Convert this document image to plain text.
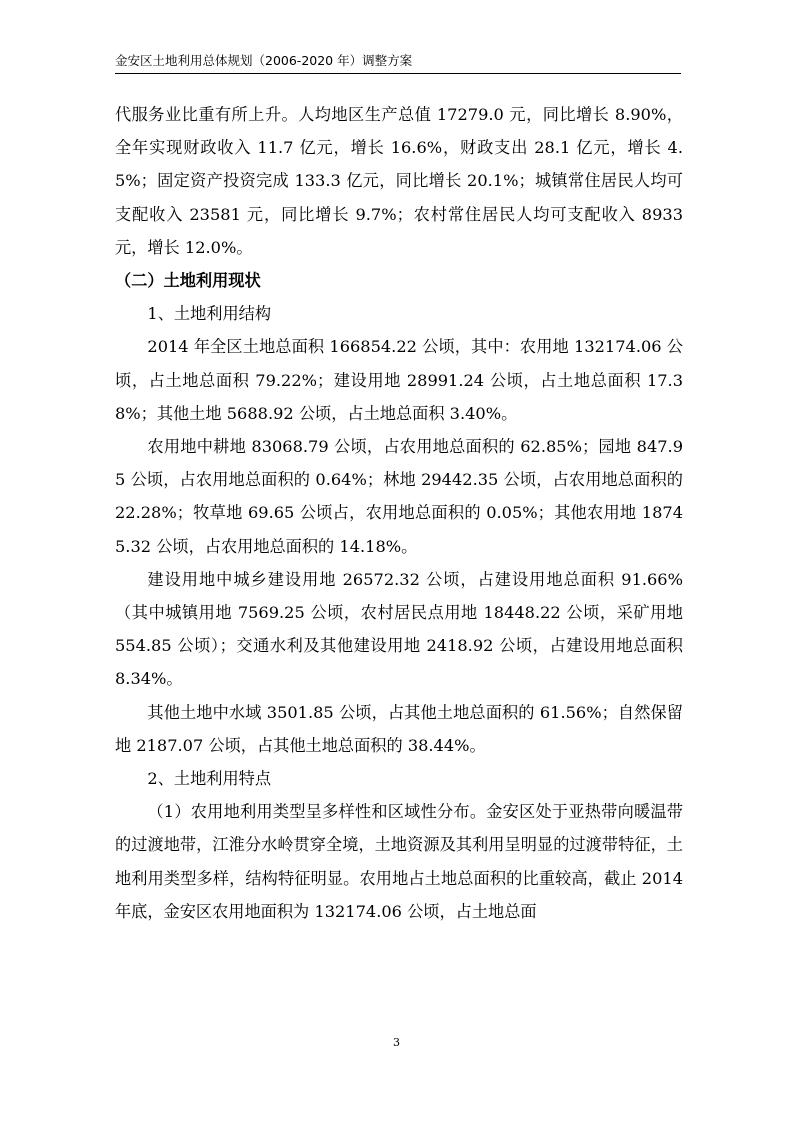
金安区土地利用总体规划（2006-2020 年）调整方案

代服务业比重有所上升。人均地区生产总值 17279.0 元，同比增长 8.90%，全年实现财政收入 11.7 亿元，增长 16.6%，财政支出 28.1 亿元，增长 4.5%；固定资产投资完成 133.3 亿元，同比增长 20.1%；城镇常住居民人均可支配收入 23581 元，同比增长 9.7%；农村常住居民人均可支配收入 8933 元，增长 12.0%。

（二）土地利用现状

1、土地利用结构

2014 年全区土地总面积 166854.22 公顷，其中：农用地 132174.06 公顷，占土地总面积 79.22%；建设用地 28991.24 公顷，占土地总面积 17.38%；其他土地 5688.92 公顷，占土地总面积 3.40%。

农用地中耕地 83068.79 公顷，占农用地总面积的 62.85%；园地 847.95 公顷，占农用地总面积的 0.64%；林地 29442.35 公顷，占农用地总面积的 22.28%；牧草地 69.65 公顷占，农用地总面积的 0.05%；其他农用地 18745.32 公顷，占农用地总面积的 14.18%。

建设用地中城乡建设用地 26572.32 公顷，占建设用地总面积 91.66%（其中城镇用地 7569.25 公顷，农村居民点用地 18448.22 公顷，采矿用地 554.85 公顷）；交通水利及其他建设用地 2418.92 公顷，占建设用地总面积 8.34%。

其他土地中水域 3501.85 公顷，占其他土地总面积的 61.56%；自然保留地 2187.07 公顷，占其他土地总面积的 38.44%。

2、土地利用特点

（1）农用地利用类型呈多样性和区域性分布。金安区处于亚热带向暖温带的过渡地带，江淮分水岭贯穿全境，土地资源及其利用呈明显的过渡带特征，土地利用类型多样，结构特征明显。农用地占土地总面积的比重较高，截止 2014 年底，金安区农用地面积为 132174.06 公顷，占土地总面

3
